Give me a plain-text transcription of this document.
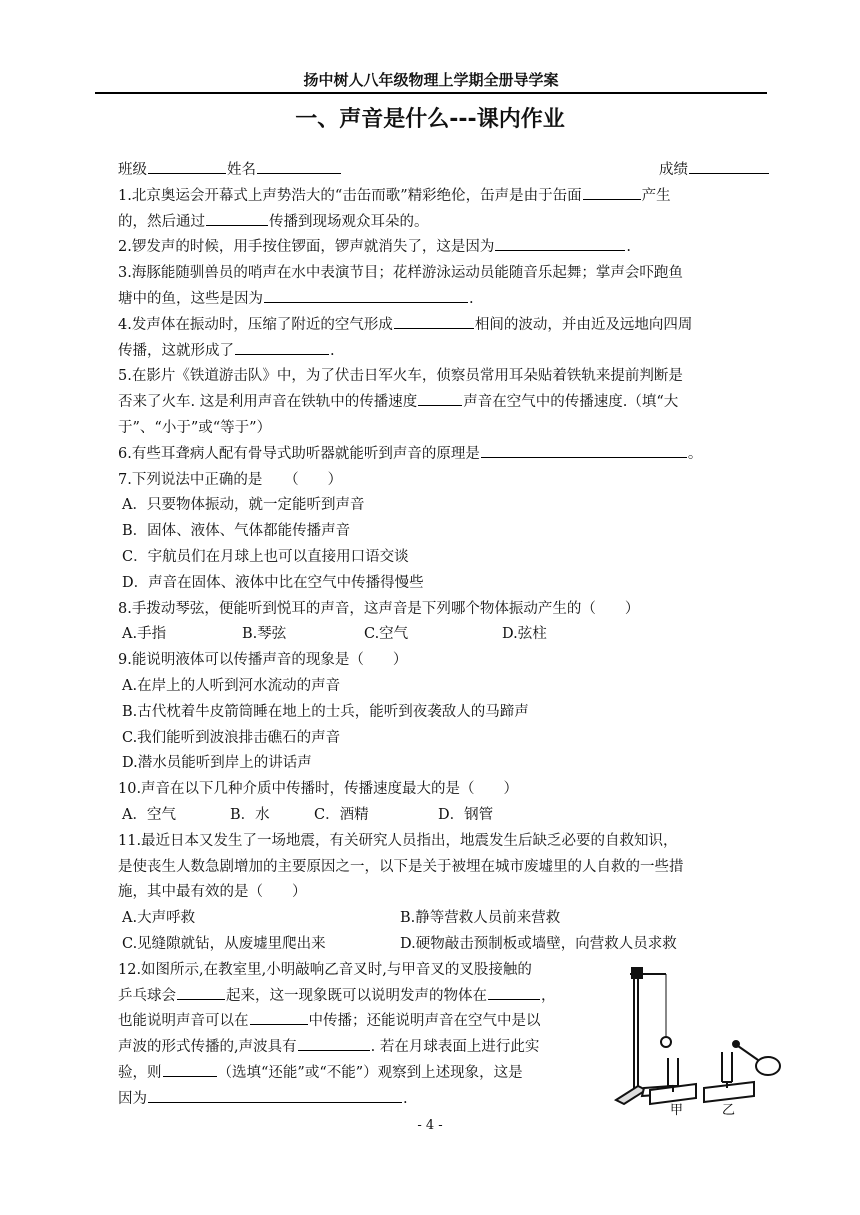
扬中树人八年级物理上学期全册导学案
一、声音是什么---课内作业
班级	姓名	成绩
1.北京奥运会开幕式上声势浩大的“击缶而歌”精彩绝伦，缶声是由于缶面	产生
的，然后通过	传播到现场观众耳朵的。
2.锣发声的时候，用手按住锣面，锣声就消失了，这是因为	.
3.海豚能随驯兽员的哨声在水中表演节目；花样游泳运动员能随音乐起舞；掌声会吓跑鱼
塘中的鱼，这些是因为	.
4.发声体在振动时，压缩了附近的空气形成	相间的波动，并由近及远地向四周
传播，这就形成了	.
5.在影片《铁道游击队》中，为了伏击日军火车，侦察员常用耳朵贴着铁轨来提前判断是
否来了火车. 这是利用声音在铁轨中的传播速度	声音在空气中的传播速度.（填“大
于”、“小于”或“等于”）
6.有些耳聋病人配有骨导式助听器就能听到声音的原理是	。
7.下列说法中正确的是　　（　　）
A．只要物体振动，就一定能听到声音
B．固体、液体、气体都能传播声音
C．宇航员们在月球上也可以直接用口语交谈
D．声音在固体、液体中比在空气中传播得慢些
8.手拨动琴弦，便能听到悦耳的声音，这声音是下列哪个物体振动产生的（　　）
A.手指	B.琴弦	C.空气	D.弦柱
9.能说明液体可以传播声音的现象是（　　）
A.在岸上的人听到河水流动的声音
B.古代枕着牛皮箭筒睡在地上的士兵，能听到夜袭敌人的马蹄声
C.我们能听到波浪排击礁石的声音
D.潜水员能听到岸上的讲话声
10.声音在以下几种介质中传播时，传播速度最大的是（　　）
A．空气	B．水	C．酒精	D．钢管
11.最近日本又发生了一场地震，有关研究人员指出，地震发生后缺乏必要的自救知识，
是使丧生人数急剧增加的主要原因之一，以下是关于被埋在城市废墟里的人自救的一些措
施，其中最有效的是（　　）
A.大声呼救	B.静等营救人员前来营救
C.见缝隙就钻，从废墟里爬出来	D.硬物敲击预制板或墙壁，向营救人员求救
12.如图所示,在教室里,小明敲响乙音叉时,与甲音叉的叉股接触的
乒乓球会	起来，这一现象既可以说明发声的物体在	，
也能说明声音可以在	中传播；还能说明声音在空气中是以
声波的形式传播的,声波具有	. 若在月球表面上进行此实
验，则	（选填“还能”或“不能”）观察到上述现象，这是
因为	.
甲	乙
- 4 -
